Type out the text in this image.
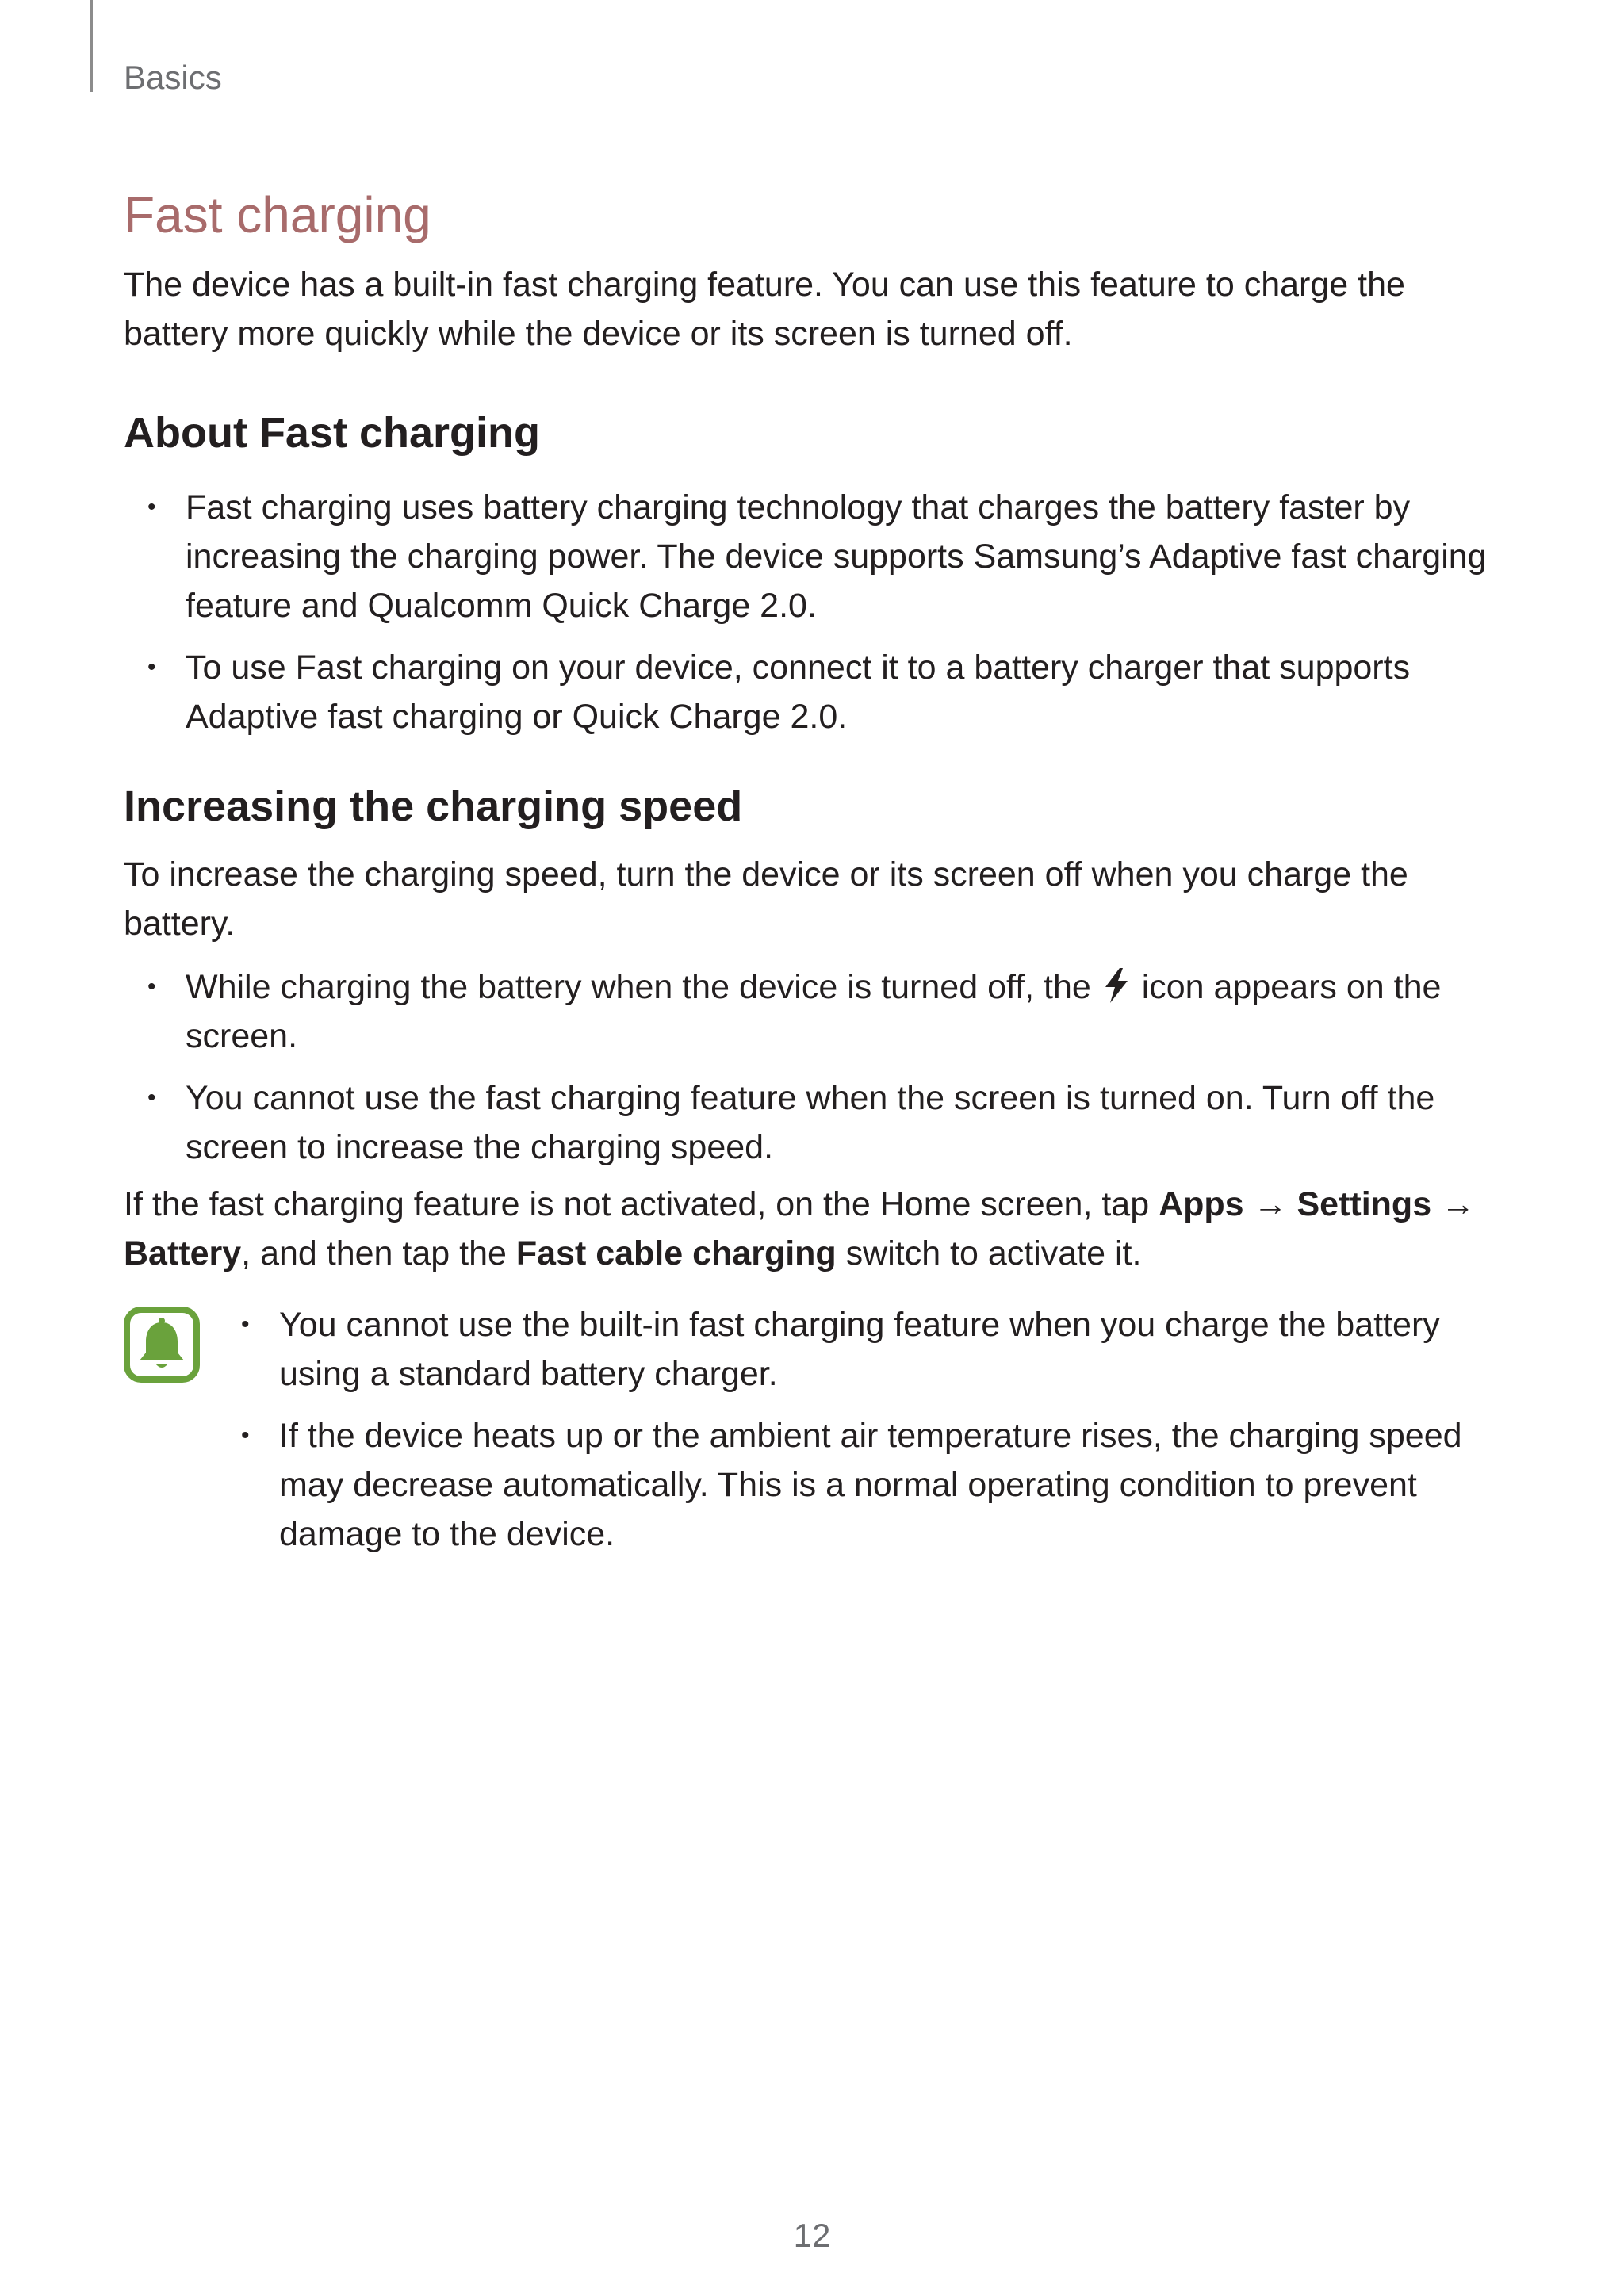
Basics
Fast charging

The device has a built-in fast charging feature. You can use this feature to charge the battery more quickly while the device or its screen is turned off.

About Fast charging
• Fast charging uses battery charging technology that charges the battery faster by increasing the charging power. The device supports Samsung’s Adaptive fast charging feature and Qualcomm Quick Charge 2.0.
• To use Fast charging on your device, connect it to a battery charger that supports Adaptive fast charging or Quick Charge 2.0.
Increasing the charging speed

To increase the charging speed, turn the device or its screen off when you charge the battery.

• While charging the battery when the device is turned off, the icon appears on the screen.
• You cannot use the fast charging feature when the screen is turned on. Turn off the screen to increase the charging speed.

If the fast charging feature is not activated, on the Home screen, tap Apps → Settings → Battery, and then tap the Fast cable charging switch to activate it.

• You cannot use the built-in fast charging feature when you charge the battery using a standard battery charger.
• If the device heats up or the ambient air temperature rises, the charging speed may decrease automatically. This is a normal operating condition to prevent damage to the device.
12
